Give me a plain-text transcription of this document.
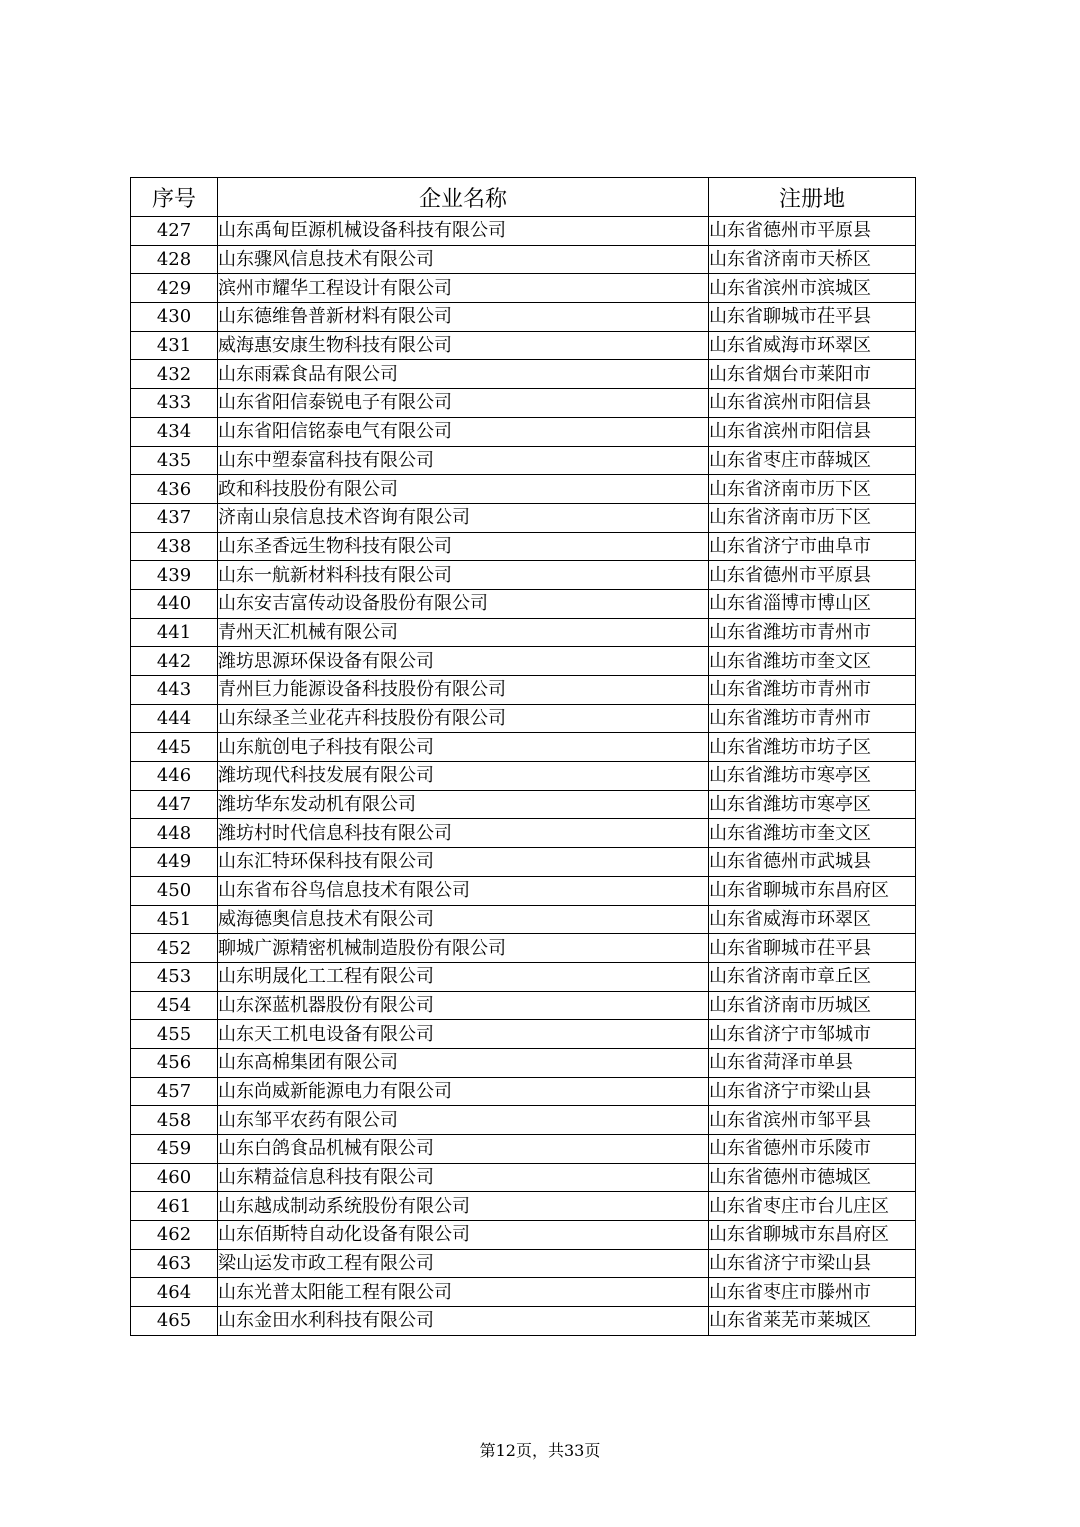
序号	企业名称	注册地
427	山东禹甸臣源机械设备科技有限公司	山东省德州市平原县
428	山东骤风信息技术有限公司	山东省济南市天桥区
429	滨州市耀华工程设计有限公司	山东省滨州市滨城区
430	山东德维鲁普新材料有限公司	山东省聊城市茌平县
431	威海惠安康生物科技有限公司	山东省威海市环翠区
432	山东雨霖食品有限公司	山东省烟台市莱阳市
433	山东省阳信泰锐电子有限公司	山东省滨州市阳信县
434	山东省阳信铭泰电气有限公司	山东省滨州市阳信县
435	山东中塑泰富科技有限公司	山东省枣庄市薛城区
436	政和科技股份有限公司	山东省济南市历下区
437	济南山泉信息技术咨询有限公司	山东省济南市历下区
438	山东圣香远生物科技有限公司	山东省济宁市曲阜市
439	山东一航新材料科技有限公司	山东省德州市平原县
440	山东安吉富传动设备股份有限公司	山东省淄博市博山区
441	青州天汇机械有限公司	山东省潍坊市青州市
442	潍坊思源环保设备有限公司	山东省潍坊市奎文区
443	青州巨力能源设备科技股份有限公司	山东省潍坊市青州市
444	山东绿圣兰业花卉科技股份有限公司	山东省潍坊市青州市
445	山东航创电子科技有限公司	山东省潍坊市坊子区
446	潍坊现代科技发展有限公司	山东省潍坊市寒亭区
447	潍坊华东发动机有限公司	山东省潍坊市寒亭区
448	潍坊村时代信息科技有限公司	山东省潍坊市奎文区
449	山东汇特环保科技有限公司	山东省德州市武城县
450	山东省布谷鸟信息技术有限公司	山东省聊城市东昌府区
451	威海德奥信息技术有限公司	山东省威海市环翠区
452	聊城广源精密机械制造股份有限公司	山东省聊城市茌平县
453	山东明晟化工工程有限公司	山东省济南市章丘区
454	山东深蓝机器股份有限公司	山东省济南市历城区
455	山东天工机电设备有限公司	山东省济宁市邹城市
456	山东高棉集团有限公司	山东省菏泽市单县
457	山东尚威新能源电力有限公司	山东省济宁市梁山县
458	山东邹平农药有限公司	山东省滨州市邹平县
459	山东白鸽食品机械有限公司	山东省德州市乐陵市
460	山东精益信息科技有限公司	山东省德州市德城区
461	山东越成制动系统股份有限公司	山东省枣庄市台儿庄区
462	山东佰斯特自动化设备有限公司	山东省聊城市东昌府区
463	梁山运发市政工程有限公司	山东省济宁市梁山县
464	山东光普太阳能工程有限公司	山东省枣庄市滕州市
465	山东金田水利科技有限公司	山东省莱芜市莱城区
第12页，共33页
